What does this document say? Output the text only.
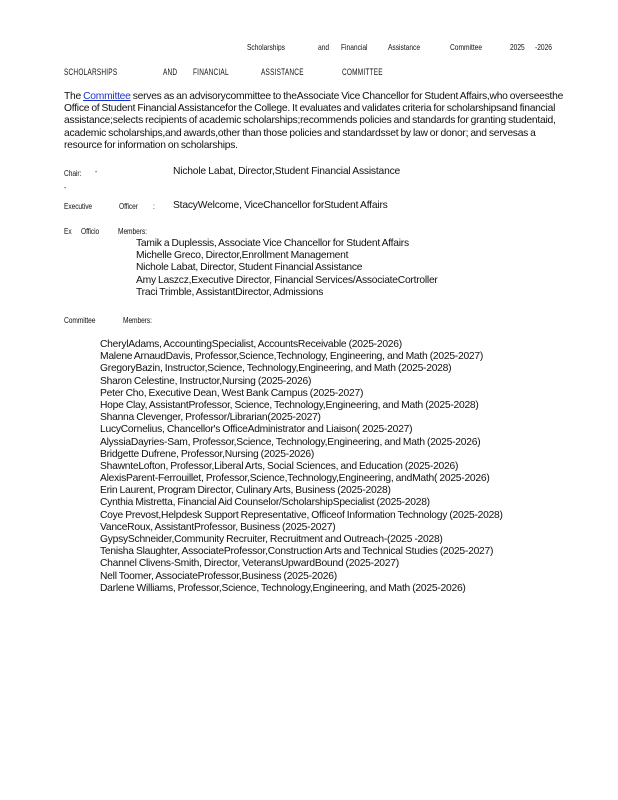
Scholarships	and Financial Assistance	Committee	2025 -2026
SCHOLARSHIPS	AND FINANCIAL	ASSISTANCE	COMMITTEE

The Committee serves as an advisorycommittee to theAssociate Vice Chancellor for Student Affairs,who overseesthe Office of Student Financial Assistancefor the College. It evaluates and validates criteria for scholarshipsand financial assistance;selects recipients of academic scholarships;recommends policies and standards for granting studentaid, academic scholarships,and awards,other than those policies and standardsset by law or donor; and servesas a resource for information on scholarships.

Chair: -
-
Nichole Labat, Director,Student Financial Assistance
Executive	Officer : StacyWelcome, ViceChancellor forStudent Affairs
Ex Officio Members:
Tamik a Duplessis, Associate Vice Chancellor for Student Affairs
Michelle Greco, Director,Enrollment Management
Nichole Labat, Director, Student Financial Assistance
Amy Laszcz,Executive Director, Financial Services/AssociateCortroller
Traci Trimble, AssistantDirector, Admissions
Committee	Members:
CherylAdams, AccountingSpecialist, AccountsReceivable (2025-2026)
Malene ArnaudDavis, Professor,Science,Technology, Engineering, and Math (2025-2027)
GregoryBazin, Instructor,Science, Technology,Engineering, and Math (2025-2028)
Sharon Celestine, Instructor,Nursing (2025-2026)
Peter Cho, Executive Dean, West Bank Campus (2025-2027)
Hope Clay, AssistantProfessor, Science, Technology,Engineering, and Math (2025-2028)
Shanna Clevenger, Professor/Librarian(2025-2027)
LucyCornelius, Chancellor's OfficeAdministrator and Liaison( 2025-2027)
AlyssiaDayries-Sam, Professor,Science, Technology,Engineering, and Math (2025-2026)
Bridgette Dufrene, Professor,Nursing (2025-2026)
ShawnteLofton, Professor,Liberal Arts, Social Sciences, and Education (2025-2026)
AlexisParent-Ferrouillet, Professor,Science,Technology,Engineering, andMath( 2025-2026)
Erin Laurent, Program Director, Culinary Arts, Business (2025-2028)
Cynthia Mistretta, Financial Aid Counselor/ScholarshipSpecialist (2025-2028)
Coye Prevost,Helpdesk Support Representative, Officeof Information Technology (2025-2028)
VanceRoux, AssistantProfessor, Business (2025-2027)
GypsySchneider,Community Recruiter, Recruitment and Outreach-(2025 -2028)
Tenisha Slaughter, AssociateProfessor,Construction Arts and Technical Studies (2025-2027)
Channel Clivens-Smith, Director, VeteransUpwardBound (2025-2027)
Nell Toomer, AssociateProfessor,Business (2025-2026)
Darlene Williams, Professor,Science, Technology,Engineering, and Math (2025-2026)
